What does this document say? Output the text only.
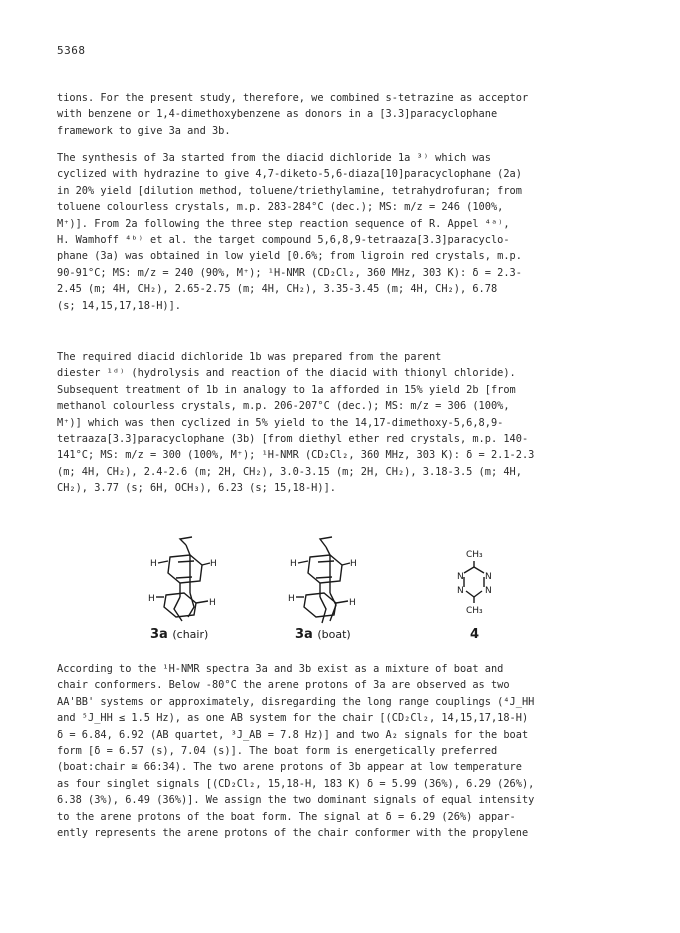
5368
tions. For the present study, therefore, we combined s-tetrazine as acceptor
with benzene or 1,4-dimethoxybenzene as donors in a [3.3]paracyclophane
framework to give 3a and 3b.
The synthesis of 3a started from the diacid dichloride 1a ³⁾ which was
cyclized with hydrazine to give 4,7-diketo-5,6-diaza[10]paracyclophane (2a)
in 20% yield [dilution method, toluene/triethylamine, tetrahydrofuran; from
toluene colourless crystals, m.p. 283-284°C (dec.); MS: m/z = 246 (100%,
M⁺)]. From 2a following the three step reaction sequence of R. Appel ⁴ᵃ⁾,
H. Wamhoff ⁴ᵇ⁾ et al. the target compound 5,6,8,9-tetraaza[3.3]paracyclo-
phane (3a) was obtained in low yield [0.6%; from ligroin red crystals, m.p.
90-91°C; MS: m/z = 240 (90%, M⁺); ¹H-NMR (CD₂Cl₂, 360 MHz, 303 K): δ = 2.3-
2.45 (m; 4H, CH₂), 2.65-2.75 (m; 4H, CH₂), 3.35-3.45 (m; 4H, CH₂), 6.78
(s; 14,15,17,18-H)].
The required diacid dichloride 1b was prepared from the parent
diester ¹ᵈ⁾ (hydrolysis and reaction of the diacid with thionyl chloride).
Subsequent treatment of 1b in analogy to 1a afforded in 15% yield 2b [from
methanol colourless crystals, m.p. 206-207°C (dec.); MS: m/z = 306 (100%,
M⁺)] which was then cyclized in 5% yield to the 14,17-dimethoxy-5,6,8,9-
tetraaza[3.3]paracyclophane (3b) [from diethyl ether red crystals, m.p. 140-
141°C; MS: m/z = 300 (100%, M⁺); ¹H-NMR (CD₂Cl₂, 360 MHz, 303 K): δ = 2.1-2.3
(m; 4H, CH₂), 2.4-2.6 (m; 2H, CH₂), 3.0-3.15 (m; 2H, CH₂), 3.18-3.5 (m; 4H,
CH₂), 3.77 (s; 6H, OCH₃), 6.23 (s; 15,18-H)].
H	H
H	H
H	H
H	H
CH₃
N N
N N
CH₃
3a (chair)	3a (boat)	4
According to the ¹H-NMR spectra 3a and 3b exist as a mixture of boat and
chair conformers. Below -80°C the arene protons of 3a are observed as two
AA'BB' systems or approximately, disregarding the long range couplings (⁴J_HH
and ⁵J_HH ≤ 1.5 Hz), as one AB system for the chair [(CD₂Cl₂, 14,15,17,18-H)
δ = 6.84, 6.92 (AB quartet, ³J_AB = 7.8 Hz)] and two A₂ signals for the boat
form [δ = 6.57 (s), 7.04 (s)]. The boat form is energetically preferred
(boat:chair ≅ 66:34). The two arene protons of 3b appear at low temperature
as four singlet signals [(CD₂Cl₂, 15,18-H, 183 K) δ = 5.99 (36%), 6.29 (26%),
6.38 (3%), 6.49 (36%)]. We assign the two dominant signals of equal intensity
to the arene protons of the boat form. The signal at δ = 6.29 (26%) appar-
ently represents the arene protons of the chair conformer with the propylene
